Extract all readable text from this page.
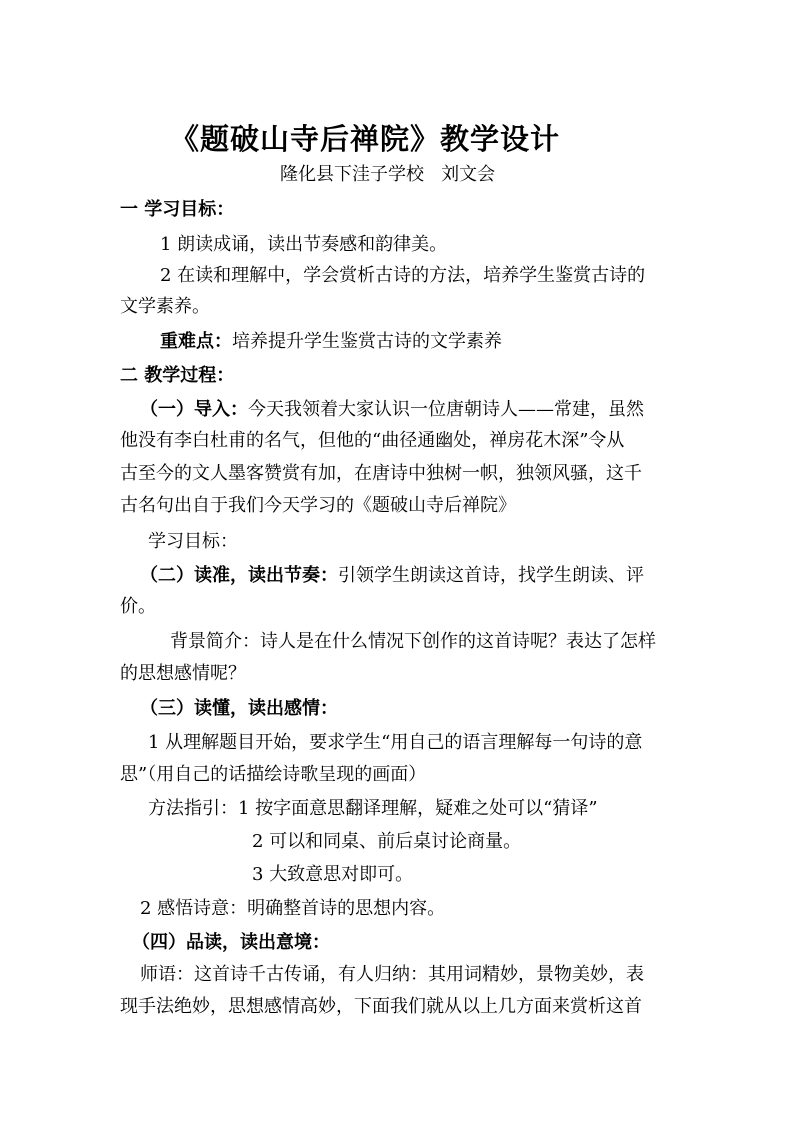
《题破山寺后禅院》教学设计
隆化县下洼子学校   刘文会
一 学习目标：
1 朗读成诵，读出节奏感和韵律美。
2 在读和理解中，学会赏析古诗的方法，培养学生鉴赏古诗的
文学素养。
重难点：培养提升学生鉴赏古诗的文学素养
二 教学过程：
（一）导入：今天我领着大家认识一位唐朝诗人——常建，虽然
他没有李白杜甫的名气，但他的“曲径通幽处，禅房花木深”令从
古至今的文人墨客赞赏有加，在唐诗中独树一帜，独领风骚，这千
古名句出自于我们今天学习的《题破山寺后禅院》
学习目标：
（二）读准，读出节奏：引领学生朗读这首诗，找学生朗读、评
价。
背景简介：诗人是在什么情况下创作的这首诗呢？表达了怎样
的思想感情呢？
（三）读懂，读出感情：
1 从理解题目开始，要求学生“用自己的语言理解每一句诗的意
思”（用自己的话描绘诗歌呈现的画面）
方法指引：1 按字面意思翻译理解，疑难之处可以“猜译”
2 可以和同桌、前后桌讨论商量。
3 大致意思对即可。
2 感悟诗意：明确整首诗的思想内容。
（四）品读，读出意境：
师语：这首诗千古传诵，有人归纳：其用词精妙，景物美妙，表
现手法绝妙，思想感情高妙，下面我们就从以上几方面来赏析这首
